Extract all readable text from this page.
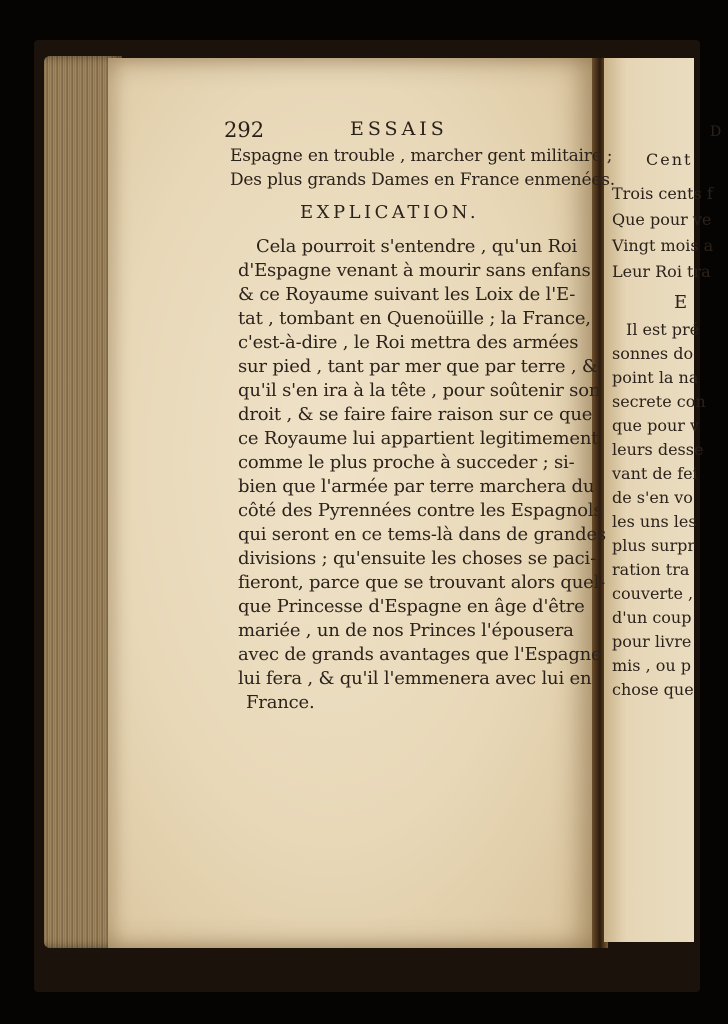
D
Cent
Trois cents f
Que pour ve
Vingt mois a
Leur Roi tra
E
Il est pré
sonnes do
point la na
secrete con
que pour v
leurs desse
vant de fei
de s'en vo
les uns les
plus surpr
ration tra
couverte ,
d'un coup
pour livre
mis , ou p
chose que
292	ESSAIS
Espagne en trouble , marcher gent militaire ;
Des plus grands Dames en France enmenées.
EXPLICATION.
Cela pourroit s'entendre , qu'un Roi
d'Espagne venant à mourir sans enfans :
& ce Royaume suivant les Loix de l'E-
tat , tombant en Quenoüille ; la France,
c'est-à-dire , le Roi mettra des armées
sur pied , tant par mer que par terre , &
qu'il s'en ira à la tête , pour soûtenir son
droit , & se faire faire raison sur ce que
ce Royaume lui appartient legitimement
comme le plus proche à succeder ; si-
bien que l'armée par terre marchera du
côté des Pyrennées contre les Espagnols
qui seront en ce tems-là dans de grandes
divisions ; qu'ensuite les choses se paci-
fieront, parce que se trouvant alors quel-
que Princesse d'Espagne en âge d'être
mariée , un de nos Princes l'épousera
avec de grands avantages que l'Espagne
lui fera , & qu'il l'emmenera avec lui en
France.
